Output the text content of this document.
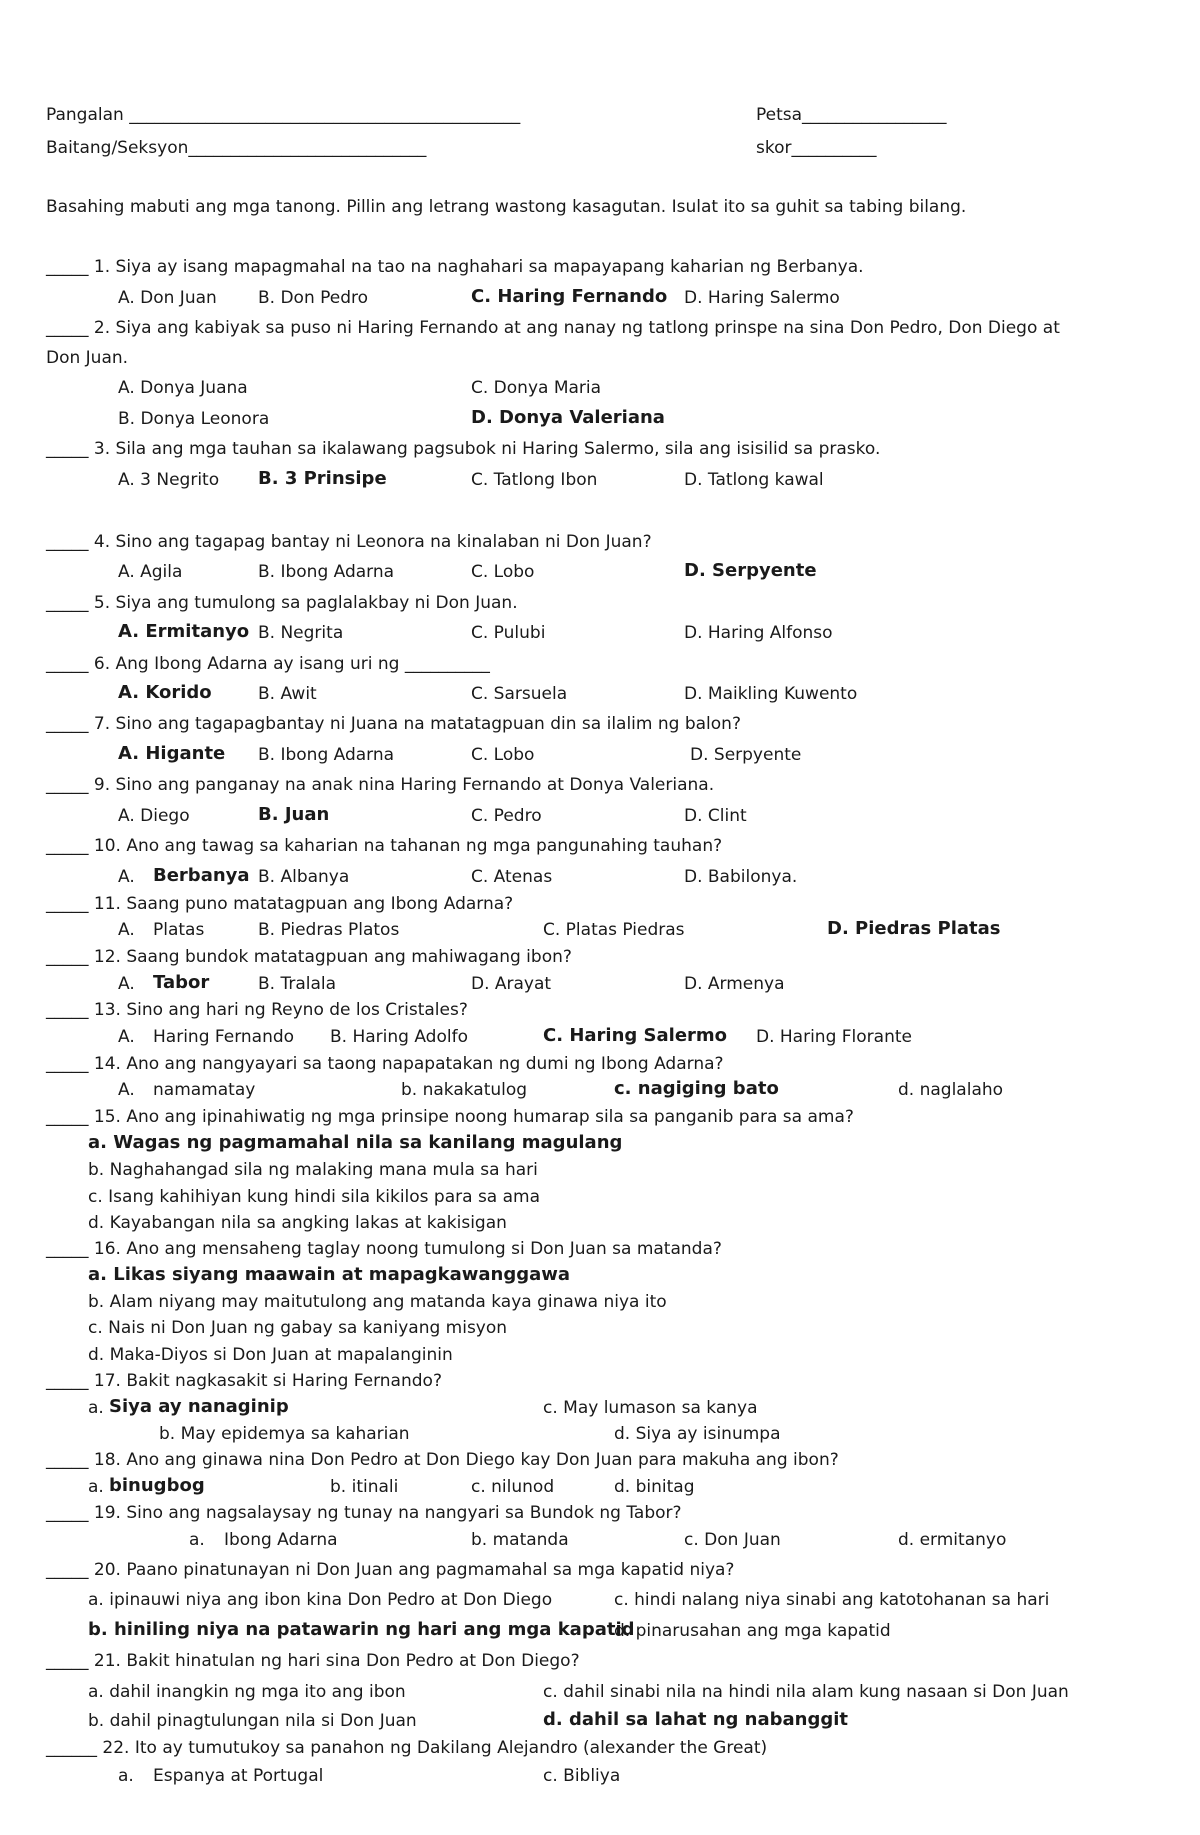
Pangalan ______________________________________________	Petsa_________________
Baitang/Seksyon____________________________	skor__________
Basahing mabuti ang mga tanong. Pillin ang letrang wastong kasagutan. Isulat ito sa guhit sa tabing bilang.
_____ 1. Siya ay isang mapagmahal na tao na naghahari sa mapayapang kaharian ng Berbanya.
A. Don Juan B. Don Pedro	C. Haring Fernando D. Haring Salermo
_____ 2. Siya ang kabiyak sa puso ni Haring Fernando at ang nanay ng tatlong prinspe na sina Don Pedro, Don Diego at
Don Juan.
A. Donya Juana	C. Donya Maria
B. Donya Leonora	D. Donya Valeriana
_____ 3. Sila ang mga tauhan sa ikalawang pagsubok ni Haring Salermo, sila ang isisilid sa prasko.
A. 3 Negrito B. 3 Prinsipe	C. Tatlong Ibon	D. Tatlong kawal
_____ 4. Sino ang tagapag bantay ni Leonora na kinalaban ni Don Juan?
A. Agila	B. Ibong Adarna	C. Lobo	D. Serpyente
_____ 5. Siya ang tumulong sa paglalakbay ni Don Juan.
A. Ermitanyo B. Negrita	C. Pulubi	D. Haring Alfonso
_____ 6. Ang Ibong Adarna ay isang uri ng __________
A. Korido	B. Awit	C. Sarsuela	D. Maikling Kuwento
_____ 7. Sino ang tagapagbantay ni Juana na matatagpuan din sa ilalim ng balon?
A. Higante B. Ibong Adarna	C. Lobo	D. Serpyente
_____ 9. Sino ang panganay na anak nina Haring Fernando at Donya Valeriana.
A. Diego	B. Juan	C. Pedro	D. Clint
_____ 10. Ano ang tawag sa kaharian na tahanan ng mga pangunahing tauhan?
A. Berbanya B. Albanya	C. Atenas	D. Babilonya.
_____ 11. Saang puno matatagpuan ang Ibong Adarna?
A. Platas	B. Piedras Platos	C. Platas Piedras	D. Piedras Platas
_____ 12. Saang bundok matatagpuan ang mahiwagang ibon?
A. Tabor	B. Tralala	D. Arayat	D. Armenya
_____ 13. Sino ang hari ng Reyno de los Cristales?
A. Haring Fernando B. Haring Adolfo	C. Haring Salermo D. Haring Florante
_____ 14. Ano ang nangyayari sa taong napapatakan ng dumi ng Ibong Adarna?
A. namamatay	b. nakakatulog	c. nagiging bato	d. naglalaho
_____ 15. Ano ang ipinahiwatig ng mga prinsipe noong humarap sila sa panganib para sa ama?
a. Wagas ng pagmamahal nila sa kanilang magulang
b. Naghahangad sila ng malaking mana mula sa hari
c. Isang kahihiyan kung hindi sila kikilos para sa ama
d. Kayabangan nila sa angking lakas at kakisigan
_____ 16. Ano ang mensaheng taglay noong tumulong si Don Juan sa matanda?
a. Likas siyang maawain at mapagkawanggawa
b. Alam niyang may maitutulong ang matanda kaya ginawa niya ito
c. Nais ni Don Juan ng gabay sa kaniyang misyon
d. Maka-Diyos si Don Juan at mapalanginin
_____ 17. Bakit nagkasakit si Haring Fernando?
a. Siya ay nanaginip	c. May lumason sa kanya
b. May epidemya sa kaharian	d. Siya ay isinumpa
_____ 18. Ano ang ginawa nina Don Pedro at Don Diego kay Don Juan para makuha ang ibon?
a. binugbog	b. itinali	c. nilunod	d. binitag
_____ 19. Sino ang nagsalaysay ng tunay na nangyari sa Bundok ng Tabor?
a. Ibong Adarna	b. matanda	c. Don Juan	d. ermitanyo
_____ 20. Paano pinatunayan ni Don Juan ang pagmamahal sa mga kapatid niya?
a. ipinauwi niya ang ibon kina Don Pedro at Don Diego	c. hindi nalang niya sinabi ang katotohanan sa hari
b. hiniling niya na patawarin ng hari ang mga kapatid
d. pinarusahan ang mga kapatid
_____ 21. Bakit hinatulan ng hari sina Don Pedro at Don Diego?
a. dahil inangkin ng mga ito ang ibon	c. dahil sinabi nila na hindi nila alam kung nasaan si Don Juan
b. dahil pinagtulungan nila si Don Juan	d. dahil sa lahat ng nabanggit
______ 22. Ito ay tumutukoy sa panahon ng Dakilang Alejandro (alexander the Great)
a. Espanya at Portugal	c. Bibliya
